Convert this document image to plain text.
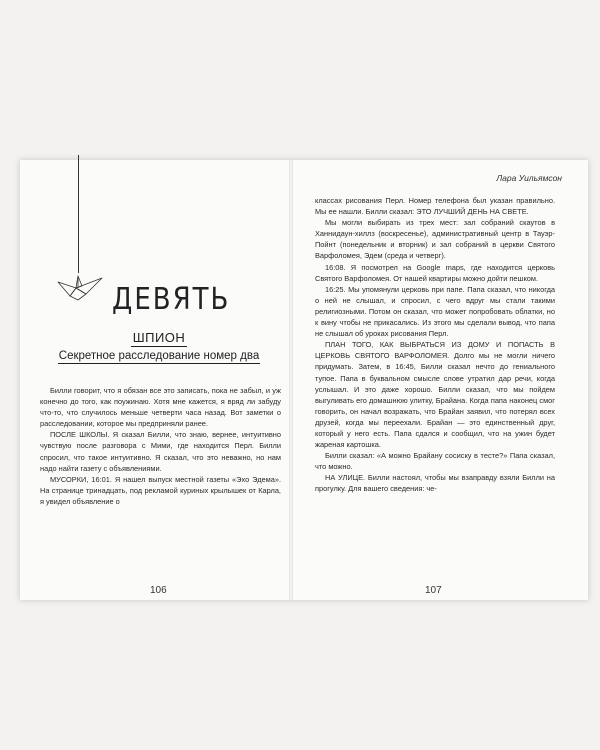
ДЕВЯТЬ
ШПИОН
Секретное расследование номер два

Билли говорит, что я обязан все это записать, пока не забыл, и уж конечно до того, как поужинаю. Хотя мне кажется, я вряд ли забуду что-то, что случилось меньше четверти часа назад. Вот заметки о расследовании, которое мы предприняли ранее.

ПОСЛЕ ШКОЛЫ. Я сказал Билли, что знаю, вернее, интуитивно чувствую после разговора с Мими, где находится Перл. Билли спросил, что такое интуитивно. Я сказал, что это неважно, но нам надо найти газету с объявлениями.

МУСОРКИ, 16:01. Я нашел выпуск местной газеты «Эхо Эдема». На странице тринадцать, под рекламой куриных крылышек от Карла, я увидел объявление о

106
Лара Уильямсон

классах рисования Перл. Номер телефона был указан правильно. Мы ее нашли. Билли сказал: ЭТО ЛУЧШИЙ ДЕНЬ НА СВЕТЕ.

Мы могли выбирать из трех мест: зал собраний скаутов в Ханнидаун-хиллз (воскресенье), административный центр в Тауэр-Пойнт (понедельник и вторник) и зал собраний в церкви Святого Варфоломея, Эдем (среда и четверг).

16:08. Я посмотрел на Google maps, где находится церковь Святого Варфоломея. От нашей квартиры можно дойти пешком.

16:25. Мы упомянули церковь при папе. Папа сказал, что никогда о ней не слышал, и спросил, с чего вдруг мы стали такими религиозными. Потом он сказал, что может попробовать облатки, но к вину чтобы не прикасались. Из этого мы сделали вывод, что папа не слышал об уроках рисования Перл.

ПЛАН ТОГО, КАК ВЫБРАТЬСЯ ИЗ ДОМУ И ПОПАСТЬ В ЦЕРКОВЬ СВЯТОГО ВАРФОЛОМЕЯ. Долго мы не могли ничего придумать. Затем, в 16:45, Билли сказал нечто до гениального тупое. Папа в буквальном смысле слове утратил дар речи, когда услышал. И это даже хорошо. Билли сказал, что мы пойдем выгуливать его домашнюю улитку, Брайана. Когда папа наконец смог говорить, он начал возражать, что Брайан заявил, что потерял всех друзей, когда мы переехали. Брайан — это единственный друг, который у него есть. Папа сдался и сообщил, что на ужин будет жареная картошка.

Билли сказал: «А можно Брайану сосиску в тесте?» Папа сказал, что можно.

НА УЛИЦЕ. Билли настоял, чтобы мы взаправду взяли Билли на прогулку. Для вашего сведения: че-

107
